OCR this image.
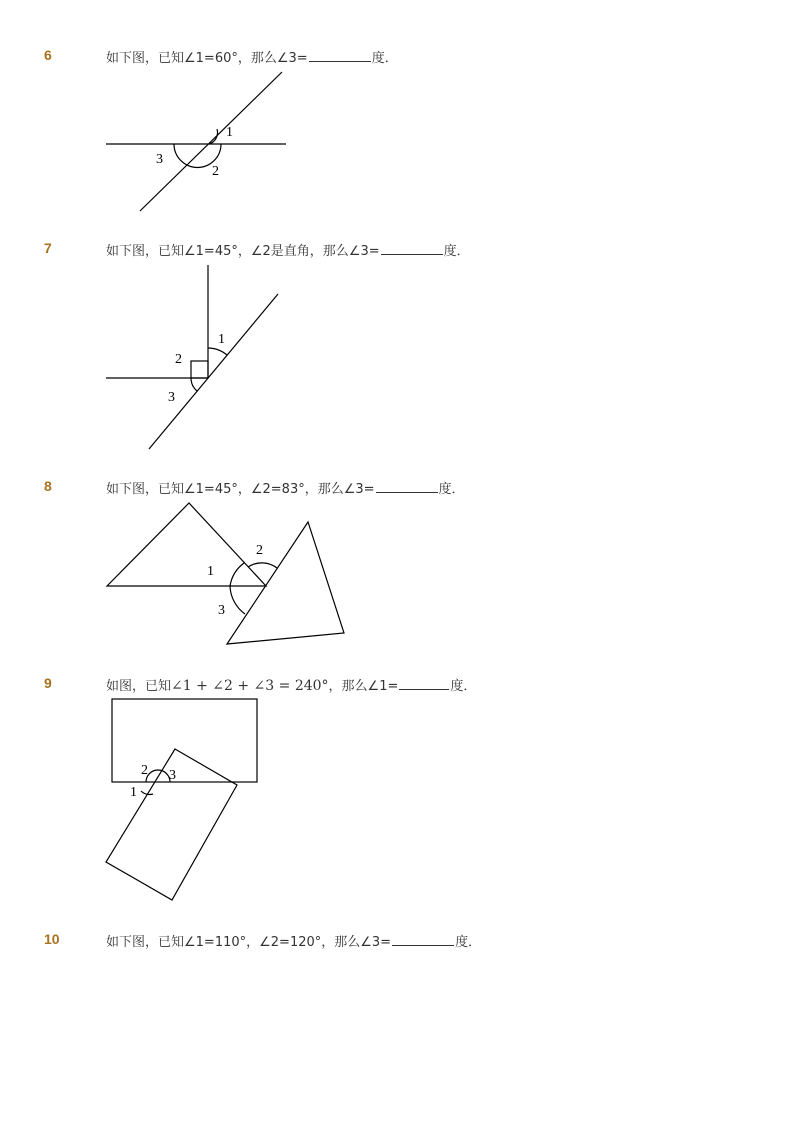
6	如下图，已知∠1=60°，那么∠3=	度．
1
2
3
7	如下图，已知∠1=45°，∠2是直角，那么∠3=	度．
1
2
3
8	如下图，已知∠1=45°，∠2=83°，那么∠3=	度．
2
1
3
9	如图，已知∠1 + ∠2 + ∠3 = 240°，那么∠1=	度．
2 3
1
10	如下图，已知∠1=110°，∠2=120°，那么∠3=	度．
